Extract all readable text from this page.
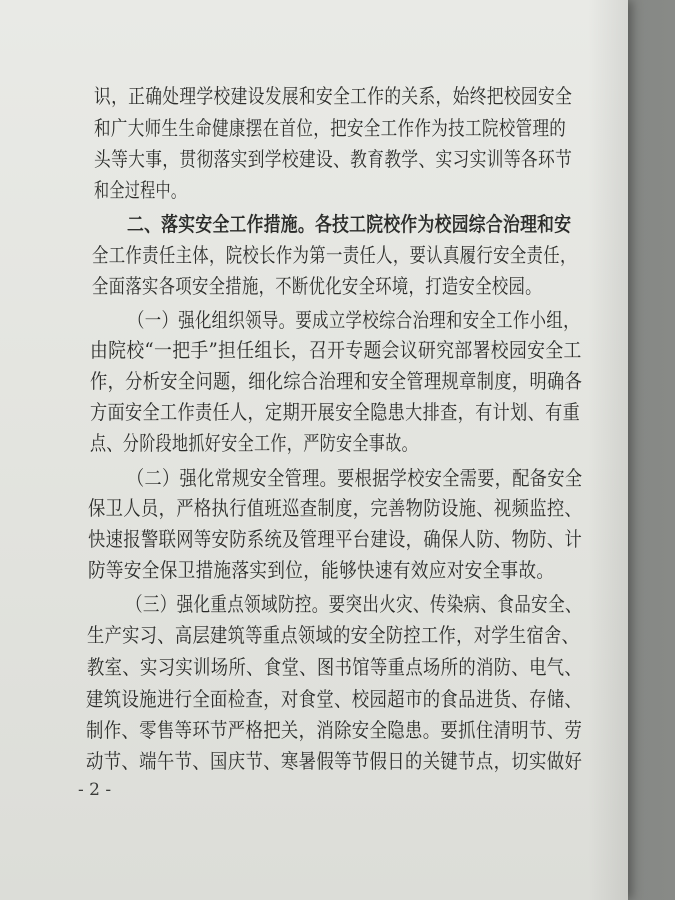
识，正确处理学校建设发展和安全工作的关系，始终把校园安全
和广大师生生命健康摆在首位，把安全工作作为技工院校管理的
头等大事，贯彻落实到学校建设、教育教学、实习实训等各环节
和全过程中。
二、落实安全工作措施。各技工院校作为校园综合治理和安
全工作责任主体，院校长作为第一责任人，要认真履行安全责任，
全面落实各项安全措施，不断优化安全环境，打造安全校园。
（一）强化组织领导。要成立学校综合治理和安全工作小组，
由院校“一把手”担任组长，召开专题会议研究部署校园安全工
作，分析安全问题，细化综合治理和安全管理规章制度，明确各
方面安全工作责任人，定期开展安全隐患大排查，有计划、有重
点、分阶段地抓好安全工作，严防安全事故。
（二）强化常规安全管理。要根据学校安全需要，配备安全
保卫人员，严格执行值班巡查制度，完善物防设施、视频监控、
快速报警联网等安防系统及管理平台建设，确保人防、物防、计
防等安全保卫措施落实到位，能够快速有效应对安全事故。
（三）强化重点领域防控。要突出火灾、传染病、食品安全、
生产实习、高层建筑等重点领域的安全防控工作，对学生宿舍、
教室、实习实训场所、食堂、图书馆等重点场所的消防、电气、
建筑设施进行全面检查，对食堂、校园超市的食品进货、存储、
制作、零售等环节严格把关，消除安全隐患。要抓住清明节、劳
动节、端午节、国庆节、寒暑假等节假日的关键节点，切实做好
- 2 -
